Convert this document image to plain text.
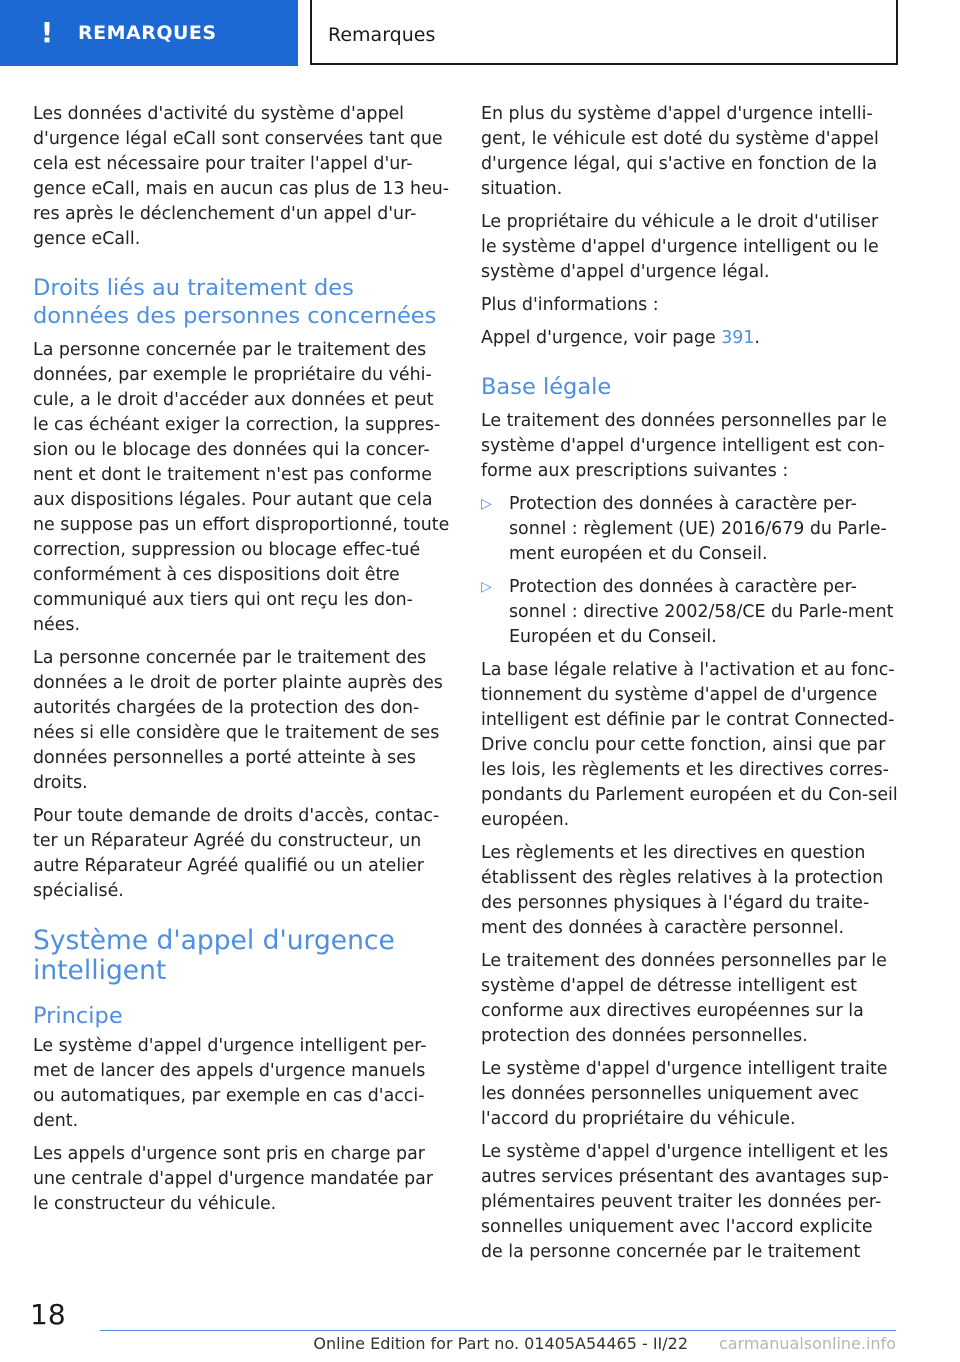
! REMARQUES	Remarques

Les données d'activité du système d'appel d'urgence légal eCall sont conservées tant que cela est nécessaire pour traiter l'appel d'ur-gence eCall, mais en aucun cas plus de 13 heu-res après le déclenchement d'un appel d'ur-gence eCall.

Droits liés au traitement des données des personnes concernées

La personne concernée par le traitement des données, par exemple le propriétaire du véhi-cule, a le droit d'accéder aux données et peut le cas échéant exiger la correction, la suppres-sion ou le blocage des données qui la concer-nent et dont le traitement n'est pas conforme aux dispositions légales. Pour autant que cela ne suppose pas un effort disproportionné, toute correction, suppression ou blocage effec-tué conformément à ces dispositions doit être communiqué aux tiers qui ont reçu les don-nées.

La personne concernée par le traitement des données a le droit de porter plainte auprès des autorités chargées de la protection des don-nées si elle considère que le traitement de ses données personnelles a porté atteinte à ses droits.

Pour toute demande de droits d'accès, contac-ter un Réparateur Agréé du constructeur, un autre Réparateur Agréé qualifié ou un atelier spécialisé.

Système d'appel d'urgence intelligent
Principe

Le système d'appel d'urgence intelligent per-met de lancer des appels d'urgence manuels ou automatiques, par exemple en cas d'acci-dent.

Les appels d'urgence sont pris en charge par une centrale d'appel d'urgence mandatée par le constructeur du véhicule.

En plus du système d'appel d'urgence intelli-gent, le véhicule est doté du système d'appel d'urgence légal, qui s'active en fonction de la situation.

Le propriétaire du véhicule a le droit d'utiliser le système d'appel d'urgence intelligent ou le système d'appel d'urgence légal.

Plus d'informations :

Appel d'urgence, voir page 391.

Base légale

Le traitement des données personnelles par le système d'appel d'urgence intelligent est con-forme aux prescriptions suivantes :

▷ Protection des données à caractère per-sonnel : règlement (UE) 2016/679 du Parle-ment européen et du Conseil.
▷ Protection des données à caractère per-sonnel : directive 2002/58/CE du Parle-ment Européen et du Conseil.

La base légale relative à l'activation et au fonc-tionnement du système d'appel de d'urgence intelligent est définie par le contrat Connected-Drive conclu pour cette fonction, ainsi que par les lois, les règlements et les directives corres-pondants du Parlement européen et du Con-seil européen.

Les règlements et les directives en question établissent des règles relatives à la protection des personnes physiques à l'égard du traite-ment des données à caractère personnel.

Le traitement des données personnelles par le système d'appel de détresse intelligent est conforme aux directives européennes sur la protection des données personnelles.

Le système d'appel d'urgence intelligent traite les données personnelles uniquement avec l'accord du propriétaire du véhicule.

Le système d'appel d'urgence intelligent et les autres services présentant des avantages sup-plémentaires peuvent traiter les données per-sonnelles uniquement avec l'accord explicite de la personne concernée par le traitement

18
Online Edition for Part no. 01405A54465 - II/22 carmanualsonline.info
